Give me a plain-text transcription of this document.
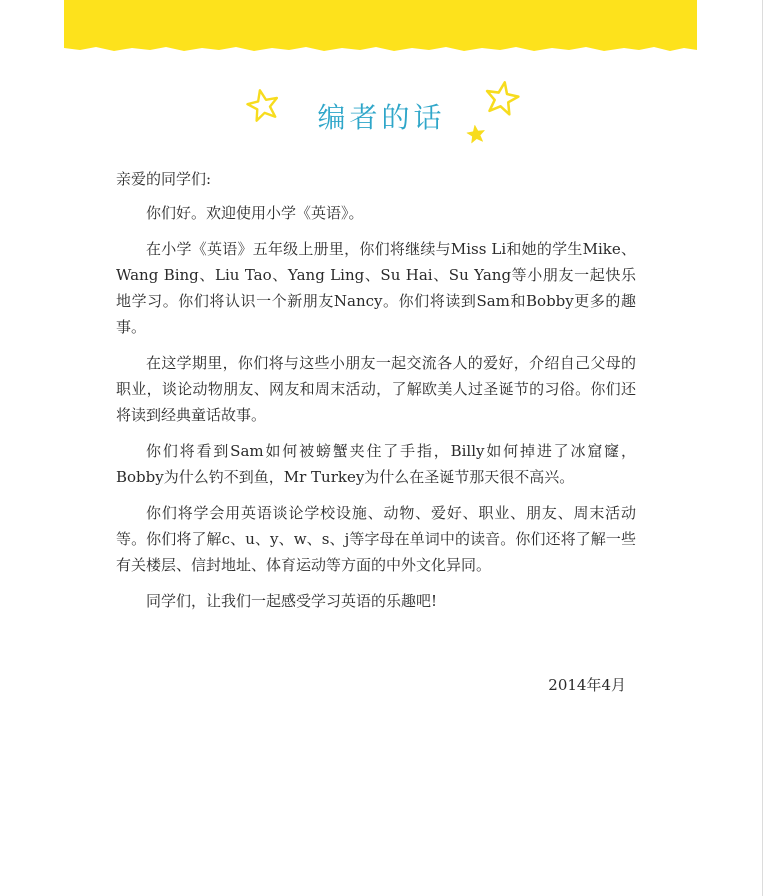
编者的话

亲爱的同学们:

你们好。欢迎使用小学《英语》。

在小学《英语》五年级上册里，你们将继续与Miss Li和她的学生Mike、Wang Bing、Liu Tao、Yang Ling、Su Hai、Su Yang等小朋友一起快乐地学习。你们将认识一个新朋友Nancy。你们将读到Sam和Bobby更多的趣事。

在这学期里，你们将与这些小朋友一起交流各人的爱好，介绍自己父母的职业，谈论动物朋友、网友和周末活动，了解欧美人过圣诞节的习俗。你们还将读到经典童话故事。

你们将看到Sam如何被螃蟹夹住了手指，Billy如何掉进了冰窟窿，Bobby为什么钓不到鱼，Mr Turkey为什么在圣诞节那天很不高兴。

你们将学会用英语谈论学校设施、动物、爱好、职业、朋友、周末活动等。你们将了解c、u、y、w、s、j等字母在单词中的读音。你们还将了解一些有关楼层、信封地址、体育运动等方面的中外文化异同。

同学们，让我们一起感受学习英语的乐趣吧!

2014年4月
